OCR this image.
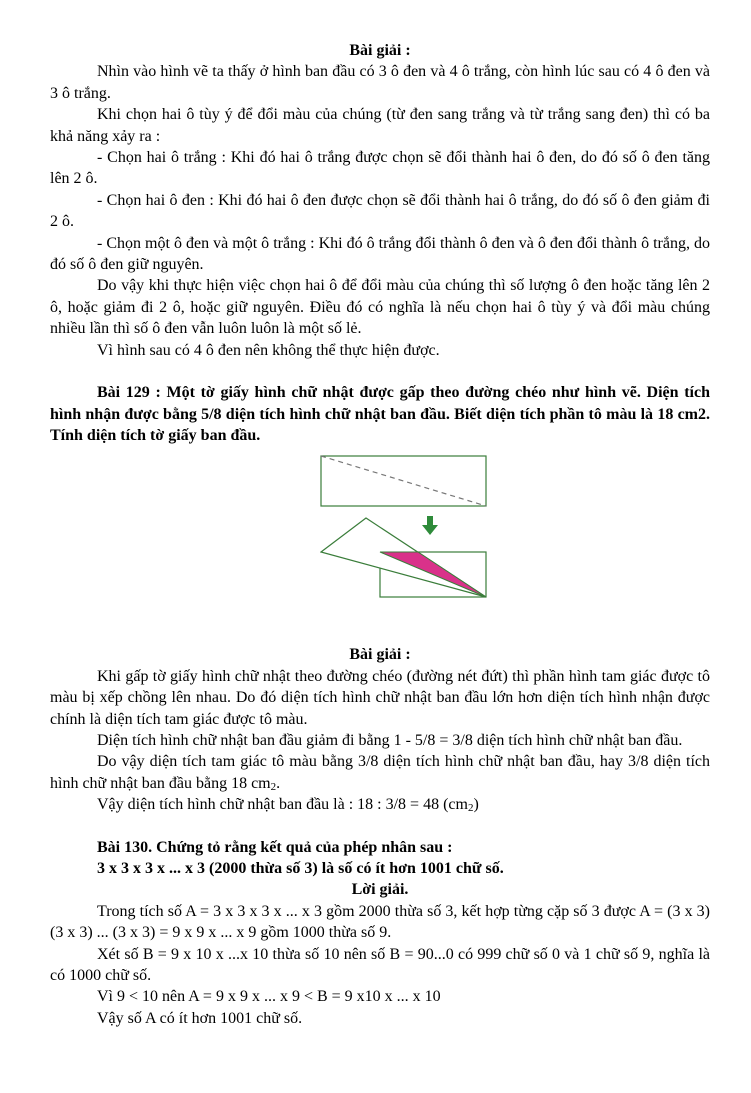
Bài giải :

Nhìn vào hình vẽ ta thấy ở hình ban đầu có 3 ô đen và 4 ô trắng, còn hình lúc sau có 4 ô đen và 3 ô trắng.

Khi chọn hai ô tùy ý để đổi màu của chúng (từ đen sang trắng và từ trắng sang đen) thì có ba khả năng xảy ra :

- Chọn hai ô trắng : Khi đó hai ô trắng được chọn sẽ đổi thành hai ô đen, do đó số ô đen tăng lên 2 ô.

- Chọn hai ô đen : Khi đó hai ô đen được chọn sẽ đổi thành hai ô trắng, do đó số ô đen giảm đi 2 ô.

- Chọn một ô đen và một ô trắng : Khi đó ô trắng đổi thành ô đen và ô đen đổi thành ô trắng, do đó số ô đen giữ nguyên.

Do vậy khi thực hiện việc chọn hai ô để đổi màu của chúng thì số lượng ô đen hoặc tăng lên 2 ô, hoặc giảm đi 2 ô, hoặc giữ nguyên. Điều đó có nghĩa là nếu chọn hai ô tùy ý và đổi màu chúng nhiều lần thì số ô đen vẫn luôn luôn là một số lẻ.

Vì hình sau có 4 ô đen nên không thể thực hiện được.

Bài 129 : Một tờ giấy hình chữ nhật được gấp theo đường chéo như hình vẽ. Diện tích hình nhận được bằng 5/8 diện tích hình chữ nhật ban đầu. Biết diện tích phần tô màu là 18 cm2. Tính diện tích tờ giấy ban đầu.

Bài giải :

Khi gấp tờ giấy hình chữ nhật theo đường chéo (đường nét đứt) thì phần hình tam giác được tô màu bị xếp chồng lên nhau. Do đó diện tích hình chữ nhật ban đầu lớn hơn diện tích hình nhận được chính là diện tích tam giác được tô màu.

Diện tích hình chữ nhật ban đầu giảm đi bằng 1 - 5/8 = 3/8 diện tích hình chữ nhật ban đầu.

Do vậy diện tích tam giác tô màu bằng 3/8 diện tích hình chữ nhật ban đầu, hay 3/8 diện tích hình chữ nhật ban đầu bằng 18 $cm_2$.

Vậy diện tích hình chữ nhật ban đầu là : 18 : 3/8 = 48 $(cm_2)$

Bài 130. Chứng tỏ rằng kết quả của phép nhân sau :

3 x 3 x 3 x ... x 3 (2000 thừa số 3) là số có ít hơn 1001 chữ số.

Lời giải.

Trong tích số A = 3 x 3 x 3 x ... x 3 gồm 2000 thừa số 3, kết hợp từng cặp số 3 được A = (3 x 3) (3 x 3) ... (3 x 3) = 9 x 9 x ... x 9 gồm 1000 thừa số 9.

Xét số B = 9 x 10 x ...x 10 thừa số 10 nên số B = 90...0 có 999 chữ số 0 và 1 chữ số 9, nghĩa là có 1000 chữ số.

Vì 9 < 10 nên A = 9 x 9 x ... x 9 < B = 9 x10 x ... x 10

Vậy số A có ít hơn 1001 chữ số.
